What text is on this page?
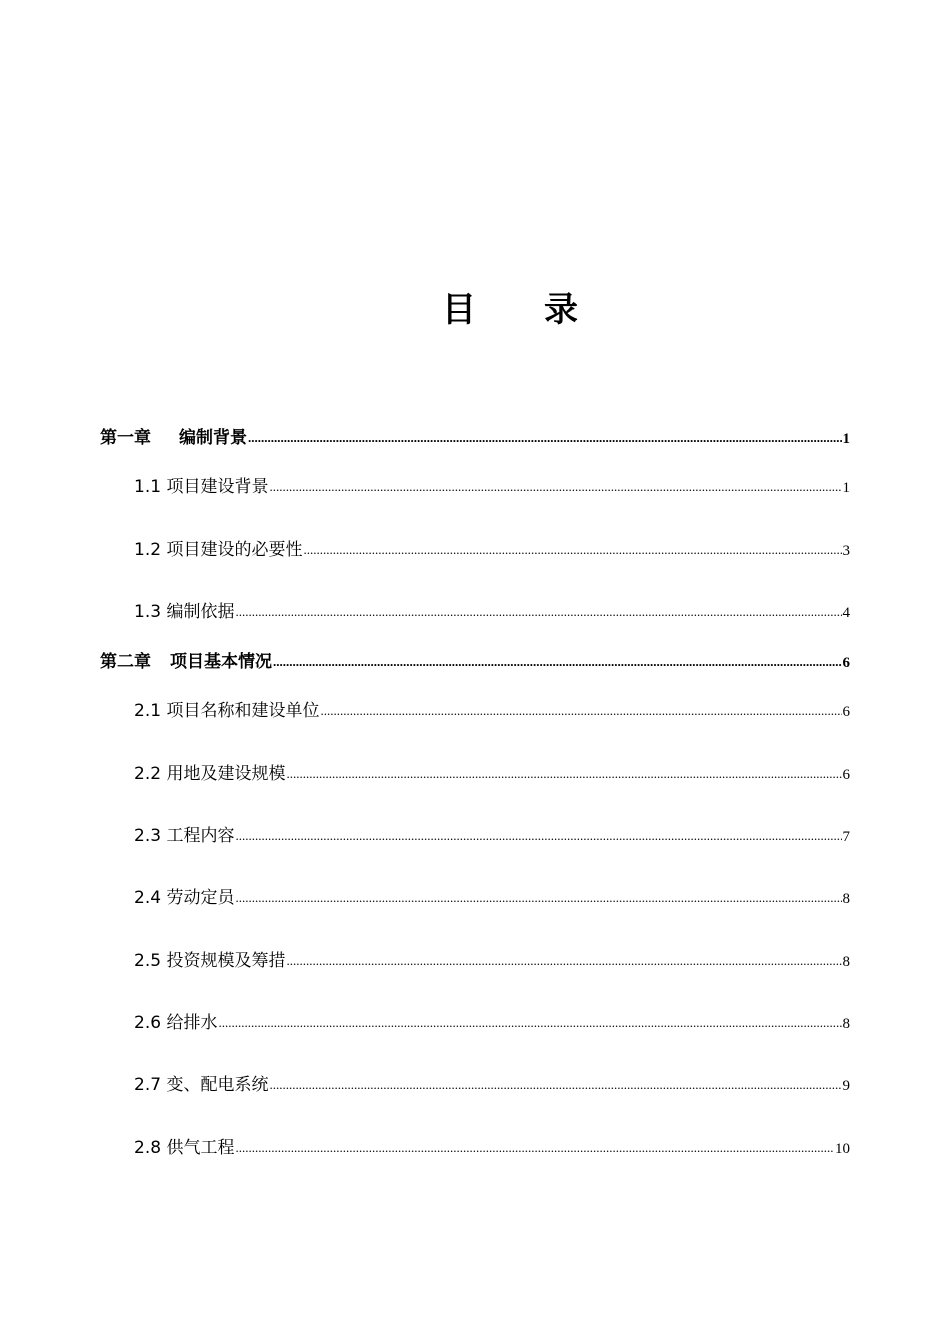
目录
第一章 编制背景 .....	1
1.1 项目建设背景 .....	1
1.2 项目建设的必要性 .....	3
1.3 编制依据 .....	4
第二章 项目基本情况 .....	6
2.1 项目名称和建设单位 .....	6
2.2 用地及建设规模 .....	6
2.3 工程内容 .....	7
2.4 劳动定员 .....	8
2.5 投资规模及筹措 .....	8
2.6 给排水 .....	8
2.7 变、配电系统 .....	9
2.8 供气工程 .....	10
